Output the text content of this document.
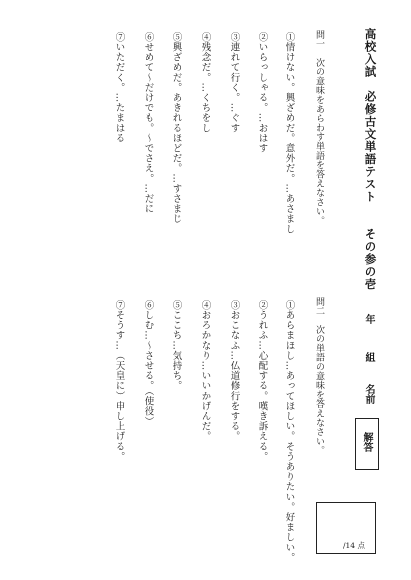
高校入試　必修古文単語テスト　　その参の壱
問一　次の意味をあらわす単語を答えなさい。
①情けない。興ざめだ。意外だ。…あさまし
②いらっしゃる。…おはす
③連れて行く。…ぐす
④残念だ。…くちをし
⑤興ざめだ。あきれるほどだ。…すさまじ
⑥せめて～だけでも。～でさえ。…だに
⑦いただく。…たまはる
年
組
名前
解答
/14 点
問二　次の単語の意味を答えなさい。
①あらまほし…あってほしい。そうありたい。好ましい。
②うれふ…心配する。嘆き訴える。
③おこなふ…仏道修行をする。
④おろかなり…いいかげんだ。
⑤ここち…気持ち。
⑥しむ…～させる。（使役）
⑦そうす…（天皇に）申し上げる。
